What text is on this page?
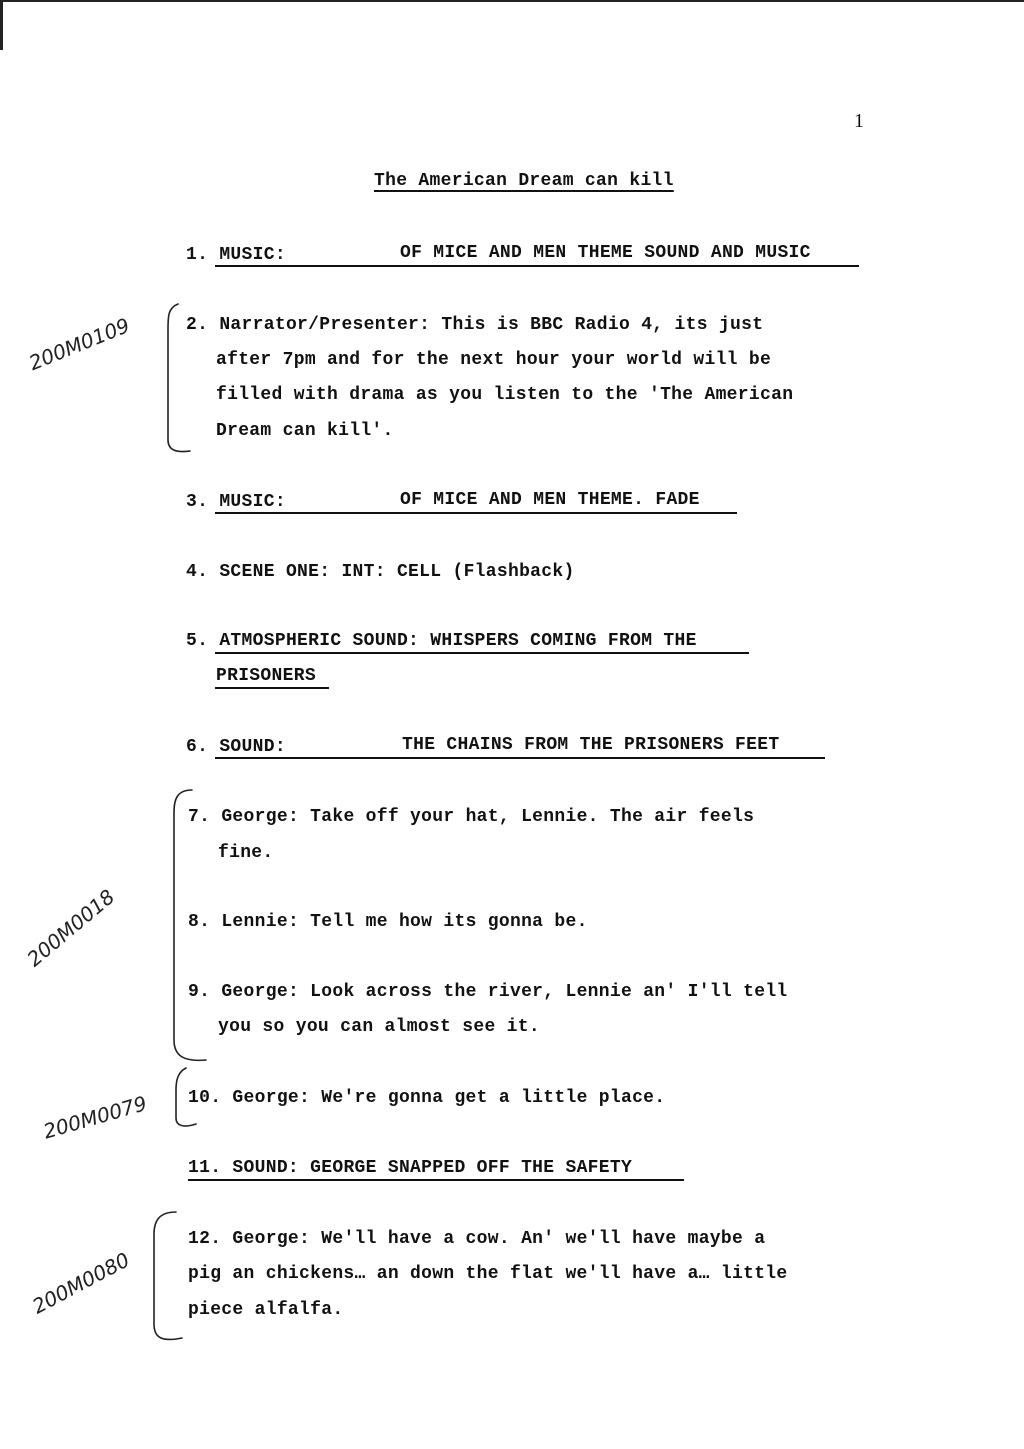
1
The American Dream can kill
1. MUSIC:	OF MICE AND MEN THEME SOUND AND MUSIC
2. Narrator/Presenter: This is BBC Radio 4, its just
after 7pm and for the next hour your world will be
filled with drama as you listen to the 'The American
Dream can kill'.
3. MUSIC:	OF MICE AND MEN THEME. FADE
4. SCENE ONE: INT: CELL (Flashback)
5. ATMOSPHERIC SOUND: WHISPERS COMING FROM THE
PRISONERS
6. SOUND:	THE CHAINS FROM THE PRISONERS FEET
7. George: Take off your hat, Lennie. The air feels
fine.
8. Lennie: Tell me how its gonna be.
9. George: Look across the river, Lennie an' I'll tell
you so you can almost see it.
10. George: We're gonna get a little place.
11. SOUND: GEORGE SNAPPED OFF THE SAFETY
12. George: We'll have a cow. An' we'll have maybe a
pig an chickens… an down the flat we'll have a… little
piece alfalfa.
200M0109
200M0018
200M0079
200M0080
